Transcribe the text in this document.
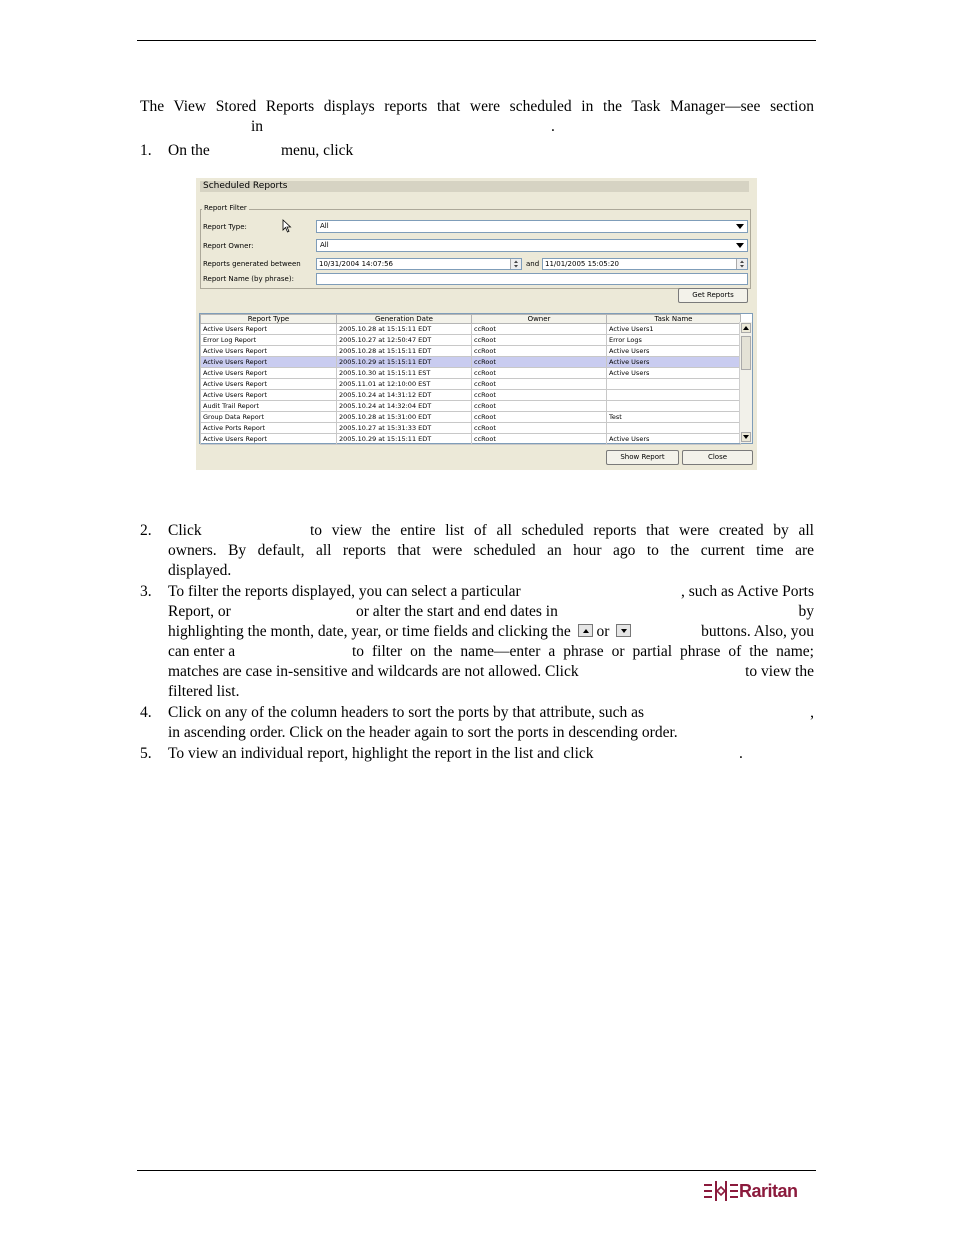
The View Stored Reports displays reports that were scheduled in the Task Manager—see section
in	.
1. On the	menu, click
Scheduled Reports
Report Filter
Report Type:	All
Report Owner:	All
Reports generated between	10/31/2004 14:07:56	and 11/01/2005 15:05:20
Report Name (by phrase):
Get Reports
Report Type	Generation Date	Owner	Task Name
Active Users Report	2005.10.28 at 15:15:11 EDT	ccRoot	Active Users1
Error Log Report	2005.10.27 at 12:50:47 EDT	ccRoot	Error Logs
Active Users Report	2005.10.28 at 15:15:11 EDT	ccRoot	Active Users
Active Users Report	2005.10.29 at 15:15:11 EDT	ccRoot	Active Users
Active Users Report	2005.10.30 at 15:15:11 EST	ccRoot	Active Users
Active Users Report	2005.11.01 at 12:10:00 EST	ccRoot	
Active Users Report	2005.10.24 at 14:31:12 EDT	ccRoot	
Audit Trail Report	2005.10.24 at 14:32:04 EDT	ccRoot	
Group Data Report	2005.10.28 at 15:31:00 EDT	ccRoot	Test
Active Ports Report	2005.10.27 at 15:31:33 EDT	ccRoot	
Active Users Report	2005.10.29 at 15:15:11 EDT	ccRoot	Active Users
Show Report	Close
2. Click	to view the entire list of all scheduled reports that were created by all
owners. By default, all reports that were scheduled an hour ago to the current time are
displayed.
3. To filter the reports displayed, you can select a particular	, such as Active Ports
Report, or	or alter the start and end dates in	by
highlighting the month, date, year, or time fields and clicking the or	buttons. Also, you
can enter a	to filter on the name—enter a phrase or partial phrase of the name;
matches are case in-sensitive and wildcards are not allowed. Click	to view the
filtered list.
4. Click on any of the column headers to sort the ports by that attribute, such as	,
in ascending order. Click on the header again to sort the ports in descending order.
5. To view an individual report, highlight the report in the list and click	.
Raritan
